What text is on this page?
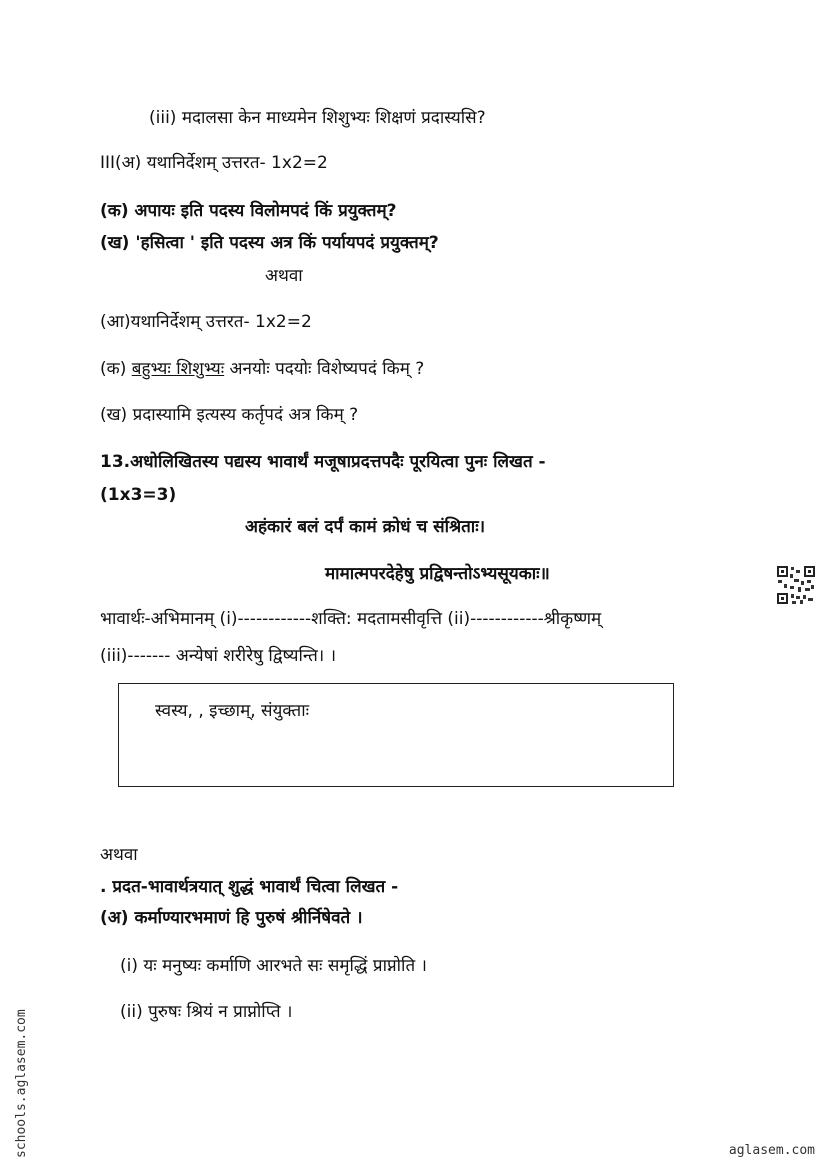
(iii) मदालसा केन माध्यमेन शिशुभ्यः शिक्षणं प्रदास्यसि?
III(अ) यथानिर्देशम् उत्तरत- 1x2=2
(क) अपायः इति पदस्य विलोमपदं किं प्रयुक्तम्?
(ख) 'हसित्वा ' इति पदस्य अत्र किं पर्यायपदं प्रयुक्तम्?
अथवा
(आ)यथानिर्देशम् उत्तरत- 1x2=2
(क) बहुभ्यः शिशुभ्यः अनयोः पदयोः विशेष्यपदं किम् ?
(ख) प्रदास्यामि इत्यस्य कर्तृपदं अत्र किम् ?
13.अधोलिखितस्य पद्यस्य भावार्थं मजूषाप्रदत्तपदैः पूरयित्वा पुनः लिखत -
(1x3=3)
अहंकारं बलं दर्पं कामं क्रोधं च संश्रिताः।
मामात्मपरदेहेषु प्रद्विषन्तोऽभ्यसूयकाः॥
भावार्थः-अभिमानम् (i)------------शक्ति: मदतामसीवृत्ति (ii)------------श्रीकृष्णम्
(iii)------- अन्येषां शरीरेषु द्विष्यन्ति। ।
स्वस्य, , इच्छाम्, संयुक्ताः
अथवा
. प्रदत-भावार्थत्रयात् शुद्धं भावार्थं चित्वा लिखत -
(अ) कर्माण्यारभमाणं हि पुरुषं श्रीर्निषेवते ।
(i) यः मनुष्यः कर्माणि आरभते सः समृद्धिं प्राप्नोति ।
(ii) पुरुषः श्रियं न प्राप्नोप्ति ।
schools.aglasem.com	aglasem.com
